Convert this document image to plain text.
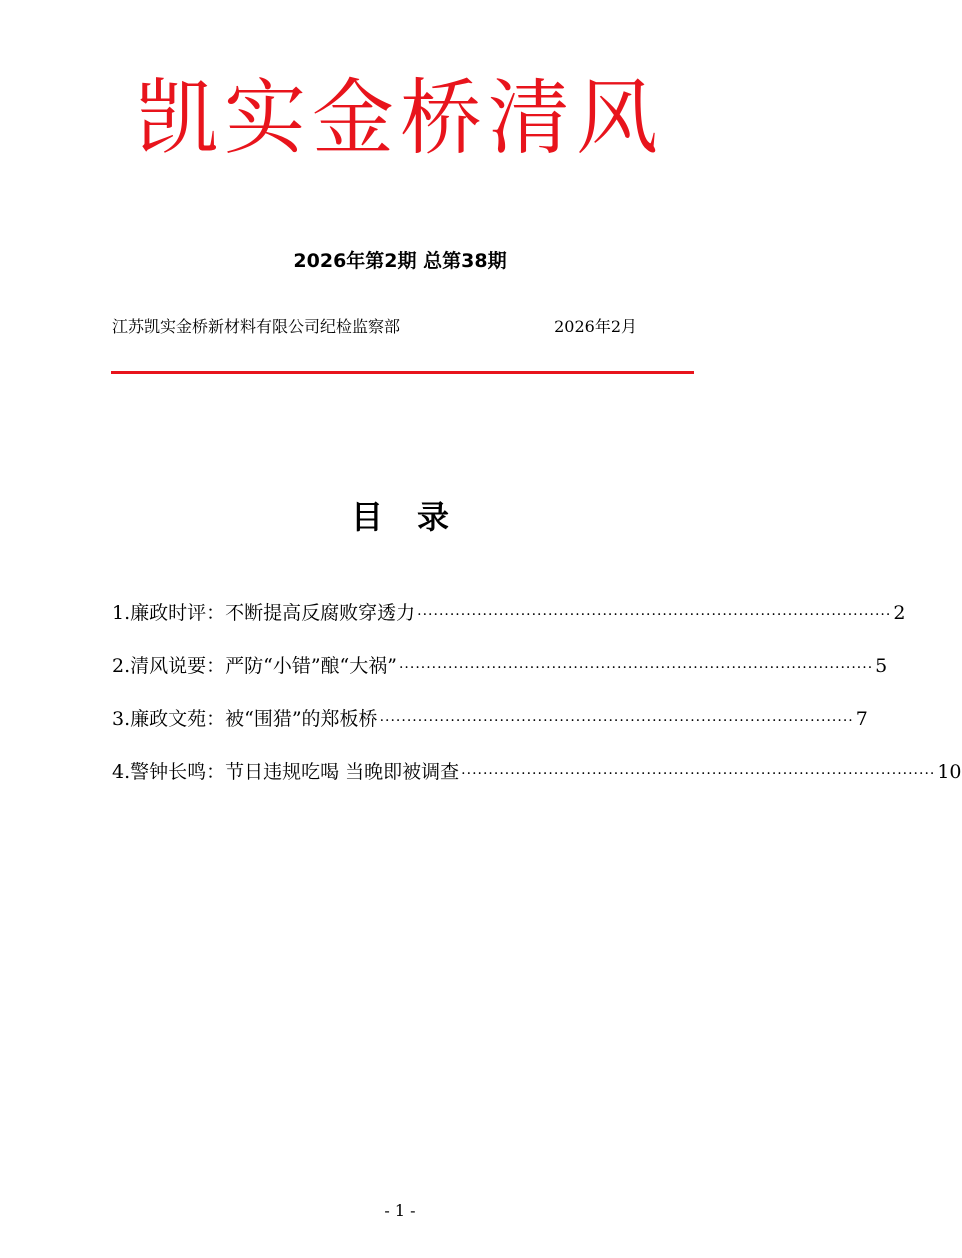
凯实金桥清风
2026年第2期 总第38期
江苏凯实金桥新材料有限公司纪检监察部	2026年2月
目录
1.廉政时评：不断提高反腐败穿透力 ······················································································· 2
2.清风说要：严防“小错”酿“大祸” ······················································································· 5
3.廉政文苑：被“围猎”的郑板桥 ······················································································· 7
4.警钟长鸣：节日违规吃喝 当晚即被调查 ······················································································· 10
- 1 -
